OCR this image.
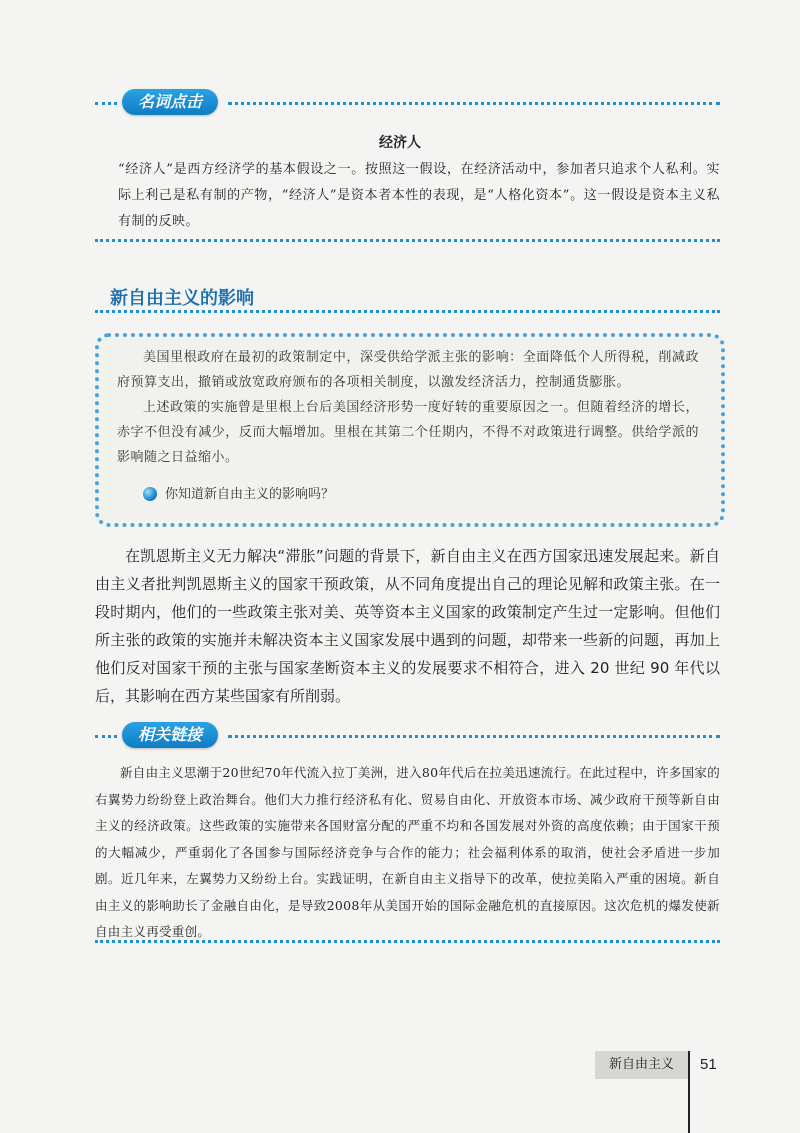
名词点击
经济人

“经济人”是西方经济学的基本假设之一。按照这一假设，在经济活动中，参加者只追求个人私利。实际上利己是私有制的产物，“经济人”是资本者本性的表现，是“人格化资本”。这一假设是资本主义私有制的反映。

新自由主义的影响

美国里根政府在最初的政策制定中，深受供给学派主张的影响：全面降低个人所得税，削减政府预算支出，撤销或放宽政府颁布的各项相关制度，以激发经济活力，控制通货膨胀。

上述政策的实施曾是里根上台后美国经济形势一度好转的重要原因之一。但随着经济的增长，赤字不但没有减少，反而大幅增加。里根在其第二个任期内，不得不对政策进行调整。供给学派的影响随之日益缩小。

你知道新自由主义的影响吗？

在凯恩斯主义无力解决“滞胀”问题的背景下，新自由主义在西方国家迅速发展起来。新自由主义者批判凯恩斯主义的国家干预政策，从不同角度提出自己的理论见解和政策主张。在一段时期内，他们的一些政策主张对美、英等资本主义国家的政策制定产生过一定影响。但他们所主张的政策的实施并未解决资本主义国家发展中遇到的问题，却带来一些新的问题，再加上他们反对国家干预的主张与国家垄断资本主义的发展要求不相符合，进入 20 世纪 90 年代以后，其影响在西方某些国家有所削弱。

相关链接

新自由主义思潮于20世纪70年代流入拉丁美洲，进入80年代后在拉美迅速流行。在此过程中，许多国家的右翼势力纷纷登上政治舞台。他们大力推行经济私有化、贸易自由化、开放资本市场、减少政府干预等新自由主义的经济政策。这些政策的实施带来各国财富分配的严重不均和各国发展对外资的高度依赖；由于国家干预的大幅减少，严重弱化了各国参与国际经济竞争与合作的能力；社会福利体系的取消，使社会矛盾进一步加剧。近几年来，左翼势力又纷纷上台。实践证明，在新自由主义指导下的改革，使拉美陷入严重的困境。新自由主义的影响助长了金融自由化，是导致2008年从美国开始的国际金融危机的直接原因。这次危机的爆发使新自由主义再受重创。

新自由主义	51
